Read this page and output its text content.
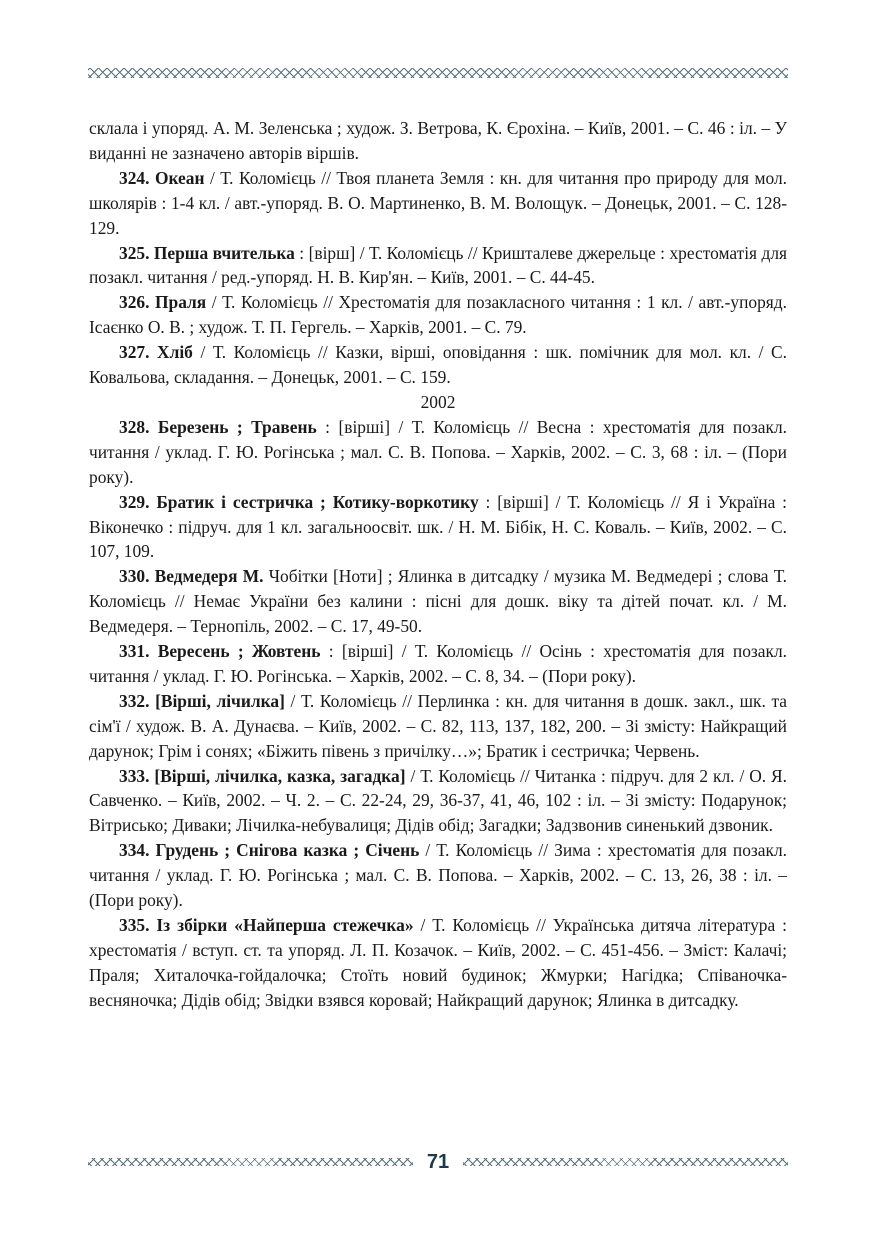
склала і упоряд. А. М. Зеленська ; худож. З. Ветрова, К. Єрохіна. – Київ, 2001. – С. 46 : іл. – У виданні не зазначено авторів віршів.

324. Океан / Т. Коломієць // Твоя планета Земля : кн. для читання про природу для мол. школярів : 1-4 кл. / авт.-упоряд. В. О. Мартиненко, В. М. Волощук. – Донецьк, 2001. – С. 128-129.

325. Перша вчителька : [вірш] / Т. Коломієць // Кришталеве джерельце : хрестоматія для позакл. читання / ред.-упоряд. Н. В. Кир'ян. – Київ, 2001. – С. 44-45.

326. Праля / Т. Коломієць // Хрестоматія для позакласного читання : 1 кл. / авт.-упоряд. Ісаєнко О. В. ; худож. Т. П. Гергель. – Харків, 2001. – С. 79.

327. Хліб / Т. Коломієць // Казки, вірші, оповідання : шк. помічник для мол. кл. / С. Ковальова, складання. – Донецьк, 2001. – С. 159.

2002

328. Березень ; Травень : [вірші] / Т. Коломієць // Весна : хрестоматія для позакл. читання / уклад. Г. Ю. Рогінська ; мал. С. В. Попова. – Харків, 2002. – С. 3, 68 : іл. – (Пори року).

329. Братик і сестричка ; Котику-воркотику : [вірші] / Т. Коломієць // Я і Україна : Віконечко : підруч. для 1 кл. загальноосвіт. шк. / Н. М. Бібік, Н. С. Коваль. – Київ, 2002. – С. 107, 109.

330. Ведмедеря М. Чобітки [Ноти] ; Ялинка в дитсадку / музика М. Ведмедері ; слова Т. Коломієць // Немає України без калини : пісні для дошк. віку та дітей почат. кл. / М. Ведмедеря. – Тернопіль, 2002. – С. 17, 49-50.

331. Вересень ; Жовтень : [вірші] / Т. Коломієць // Осінь : хрестоматія для позакл. читання / уклад. Г. Ю. Рогінська. – Харків, 2002. – С. 8, 34. – (Пори року).

332. [Вірші, лічилка] / Т. Коломієць // Перлинка : кн. для читання в дошк. закл., шк. та сім'ї / худож. В. А. Дунаєва. – Київ, 2002. – С. 82, 113, 137, 182, 200. – Зі змісту: Найкращий дарунок; Грім і сонях; «Біжить півень з причілку…»; Братик і сестричка; Червень.

333. [Вірші, лічилка, казка, загадка] / Т. Коломієць // Читанка : підруч. для 2 кл. / О. Я. Савченко. – Київ, 2002. – Ч. 2. – С. 22-24, 29, 36-37, 41, 46, 102 : іл. – Зі змісту: Подарунок; Вітрисько; Диваки; Лічилка-небувалиця; Дідів обід; Загадки; Задзвонив синенький дзвоник.

334. Грудень ; Снігова казка ; Січень / Т. Коломієць // Зима : хрестоматія для позакл. читання / уклад. Г. Ю. Рогінська ; мал. С. В. Попова. – Харків, 2002. – С. 13, 26, 38 : іл. – (Пори року).

335. Із збірки «Найперша стежечка» / Т. Коломієць // Українська дитяча література : хрестоматія / вступ. ст. та упоряд. Л. П. Козачок. – Київ, 2002. – С. 451-456. – Зміст: Калачі; Праля; Хиталочка-гойдалочка; Стоїть новий будинок; Жмурки; Нагідка; Співаночка-весняночка; Дідів обід; Звідки взявся коровай; Найкращий дарунок; Ялинка в дитсадку.

71
